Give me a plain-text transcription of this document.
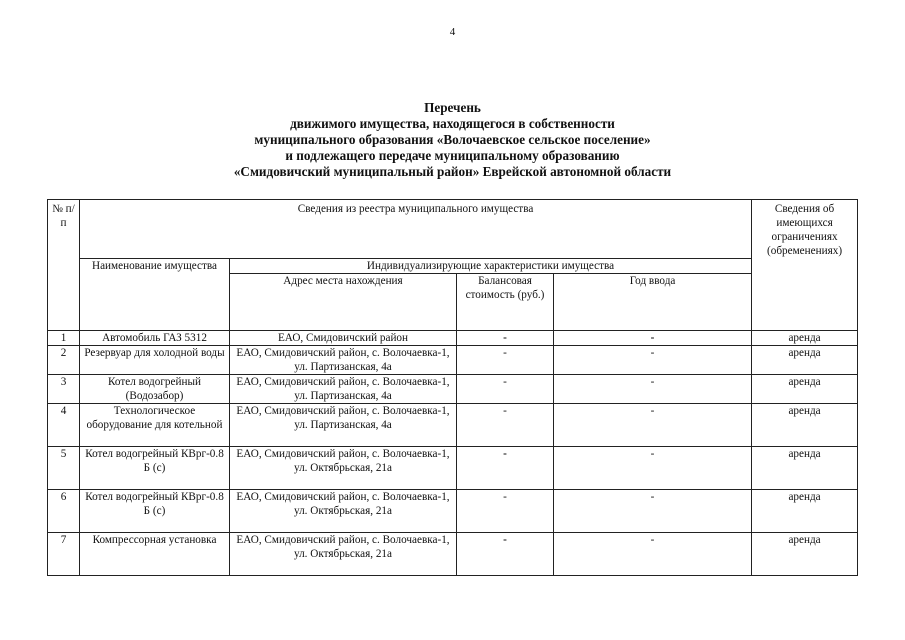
4
Перечень
движимого имущества, находящегося в собственности
муниципального образования «Волочаевское сельское поселение»
и подлежащего передаче муниципальному образованию
«Смидовичский муниципальный район» Еврейской автономной области
№ п/п	Сведения из реестра муниципального имущества				Сведения об имеющихся ограничениях (обременениях)
	Наименование имущества	Индивидуализирующие характеристики имущества			
		Адрес места нахождения	Балансовая стоимость (руб.)	Год ввода	
1	Автомобиль ГАЗ 5312	ЕАО, Смидовичский район	-	-	аренда
2	Резервуар для холодной воды	ЕАО, Смидовичский район, с. Волочаевка-1, ул. Партизанская, 4а	-	-	аренда
3	Котел водогрейный (Водозабор)	ЕАО, Смидовичский район, с. Волочаевка-1, ул. Партизанская, 4а	-	-	аренда
4	Технологическое оборудование для котельной	ЕАО, Смидовичский район, с. Волочаевка-1, ул. Партизанская, 4а	-	-	аренда
5	Котел водогрейный КВрг-0.8 Б (с)	ЕАО, Смидовичский район, с. Волочаевка-1, ул. Октябрьская, 21а	-	-	аренда
6	Котел водогрейный КВрг-0.8 Б (с)	ЕАО, Смидовичский район, с. Волочаевка-1, ул. Октябрьская, 21а	-	-	аренда
7	Компрессорная установка	ЕАО, Смидовичский район, с. Волочаевка-1, ул. Октябрьская, 21а	-	-	аренда
